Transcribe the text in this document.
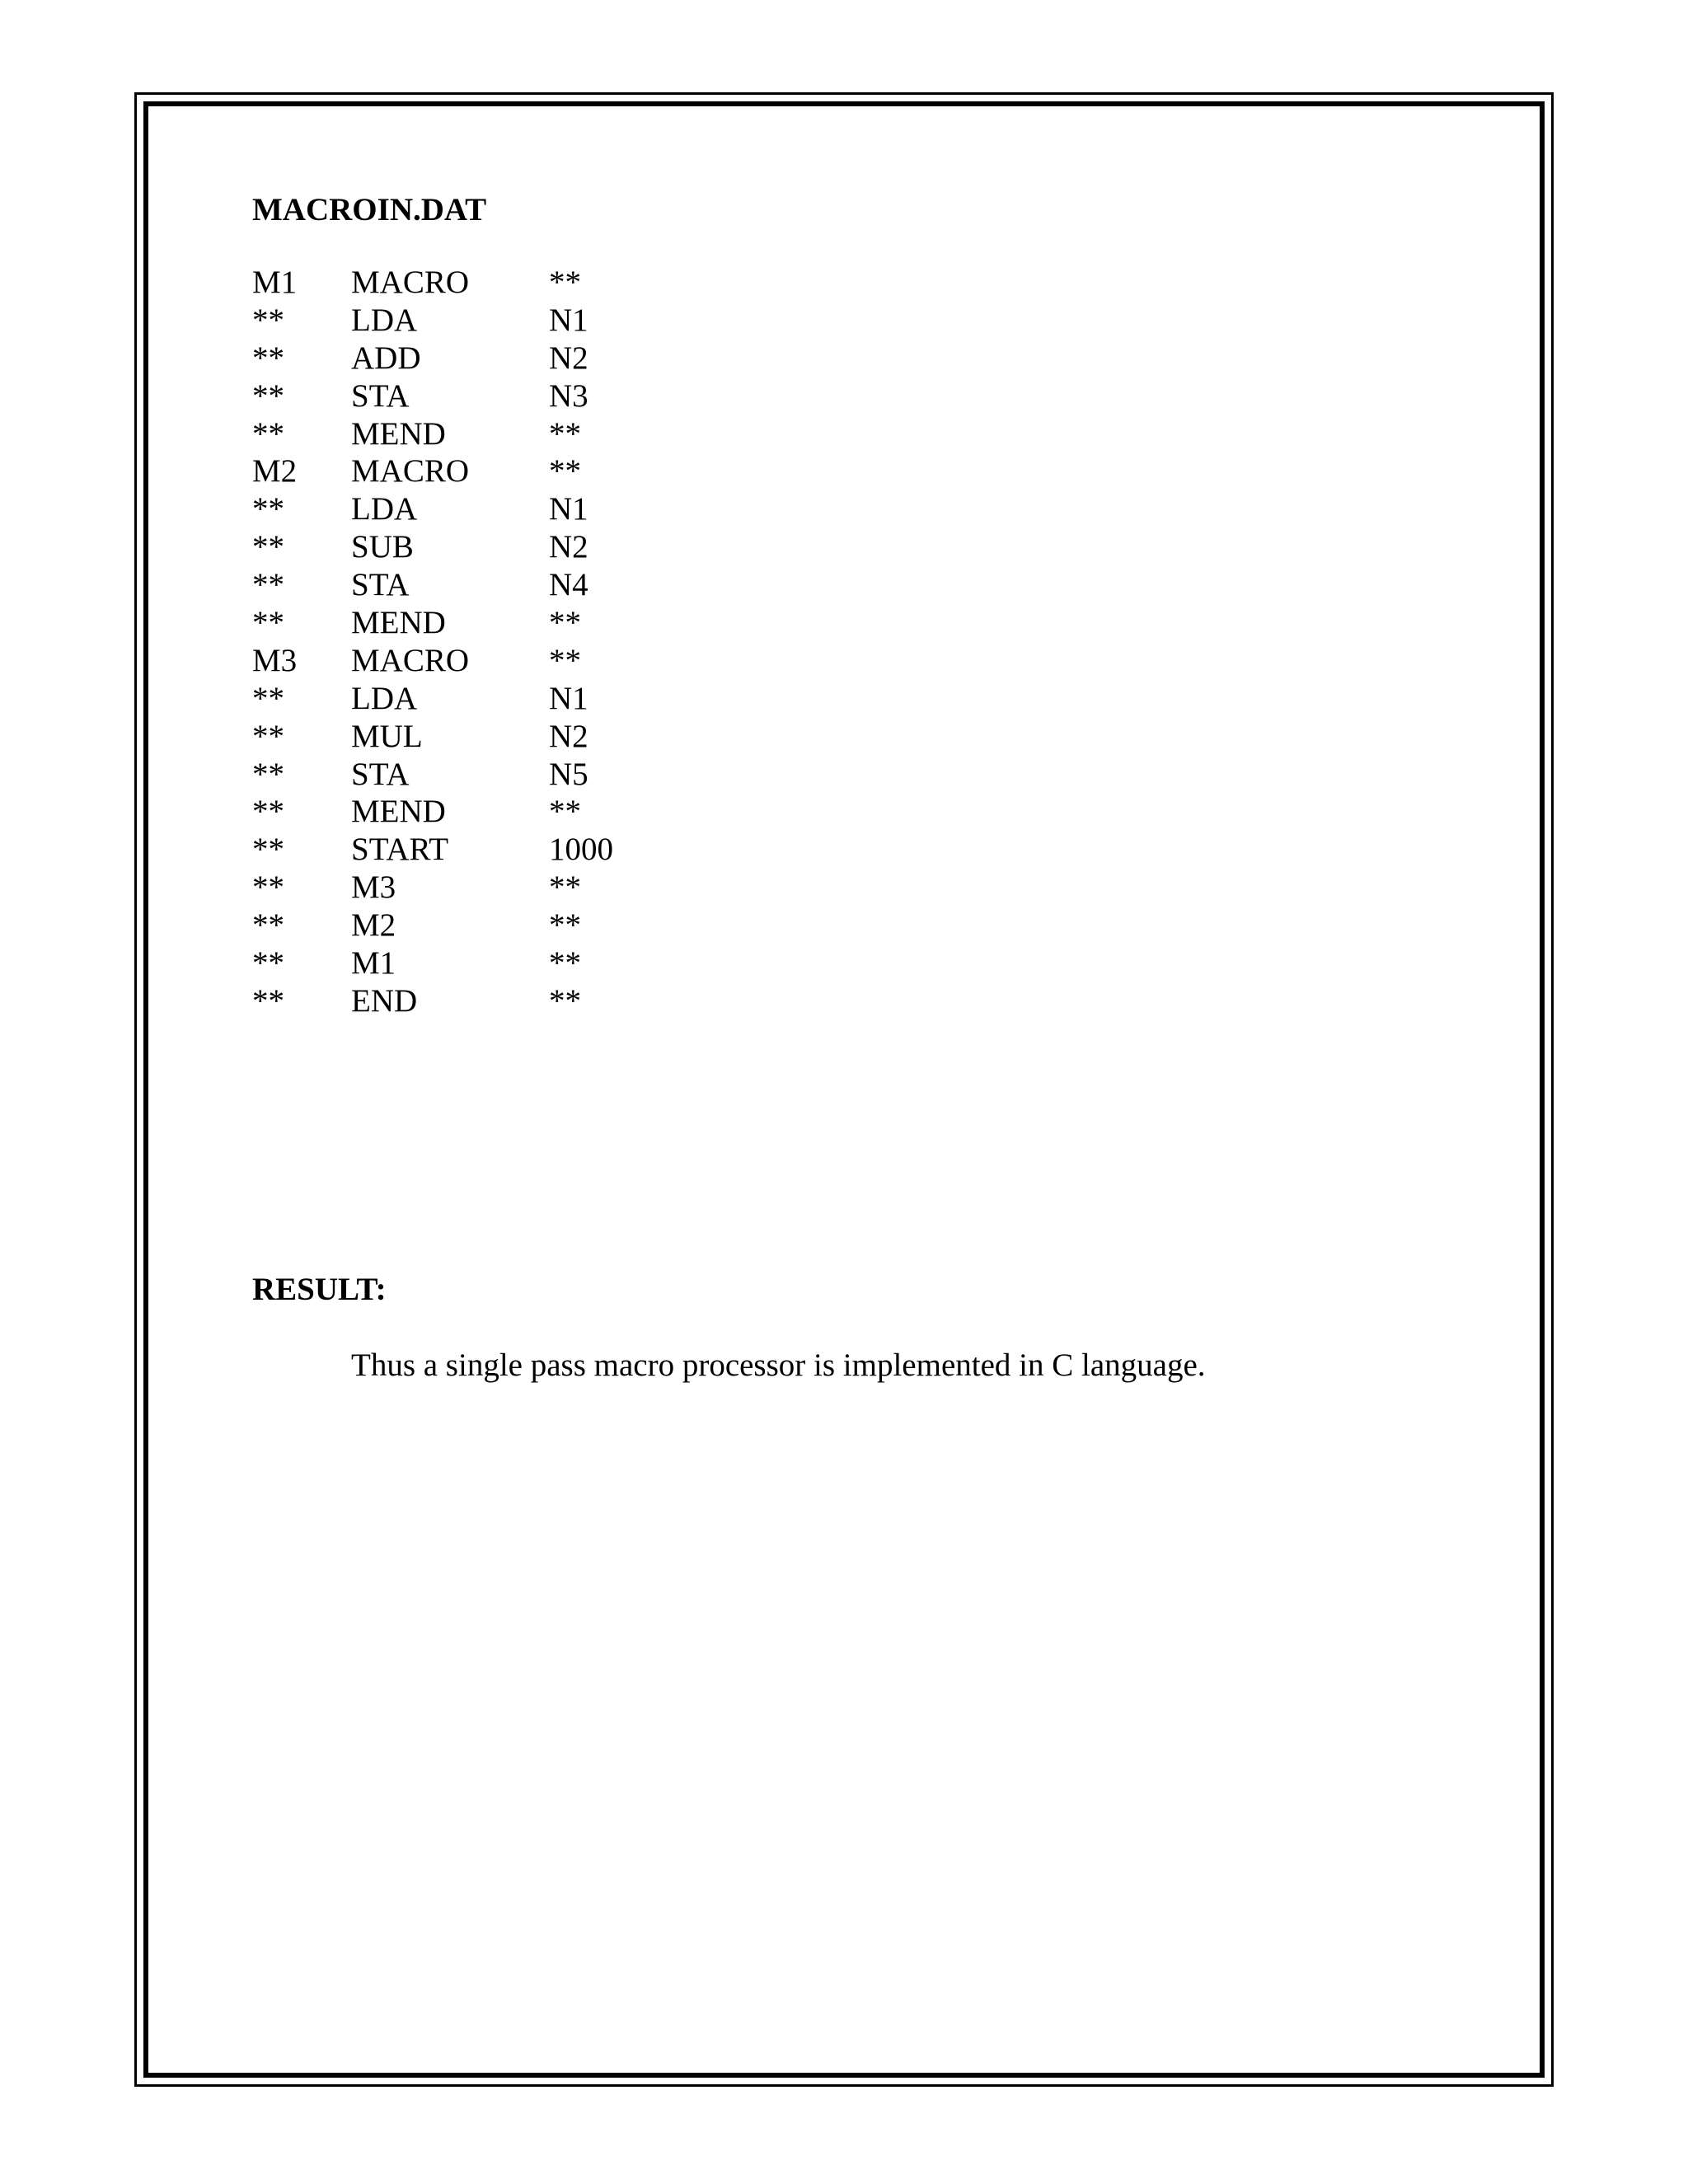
MACROIN.DAT
M1	MACRO	**
**	LDA	N1
**	ADD	N2
**	STA	N3
**	MEND	**
M2	MACRO	**
**	LDA	N1
**	SUB	N2
**	STA	N4
**	MEND	**
M3	MACRO	**
**	LDA	N1
**	MUL	N2
**	STA	N5
**	MEND	**
**	START	1000
**	M3	**
**	M2	**
**	M1	**
**	END	**
RESULT:
Thus a single pass macro processor is implemented in C language.
